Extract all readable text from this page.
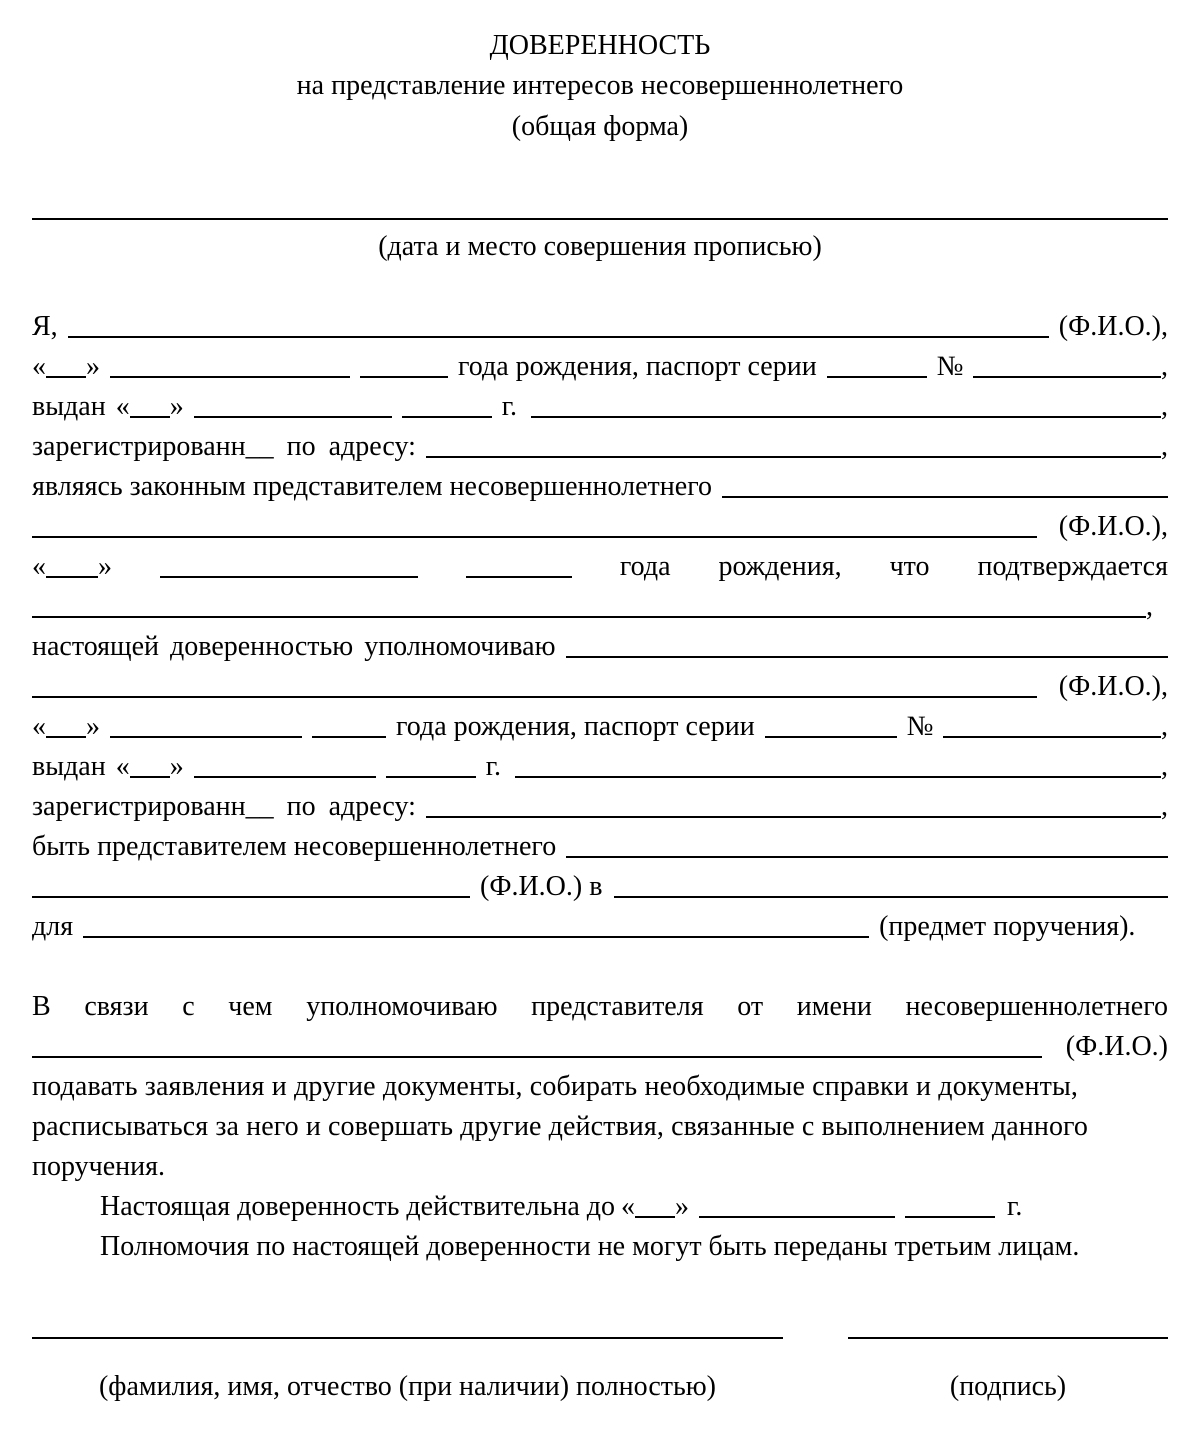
ДОВЕРЕННОСТЬ
на представление интересов несовершеннолетнего
(общая форма)
(дата и место совершения прописью)
Я,	(Ф.И.О.),
« »	года рождения, паспорт серии	№	,
выдан « »	г.	,
зарегистрированн__ по адресу:	,
являясь законным представителем несовершеннолетнего
(Ф.И.О.),
« »	года рождения, что подтверждается
,
настоящей доверенностью уполномочиваю
(Ф.И.О.),
« »	года рождения, паспорт серии	№	,
выдан « »	г.	,
зарегистрированн__ по адресу:	,
быть представителем несовершеннолетнего
(Ф.И.О.) в
для	(предмет поручения).
В связи с чем уполномочиваю представителя от имени несовершеннолетнего
(Ф.И.О.)
подавать заявления и другие документы, собирать необходимые справки и документы,
расписываться за него и совершать другие действия, связанные с выполнением данного
поручения.
Настоящая доверенность действительна до « »	г.
Полномочия по настоящей доверенности не могут быть переданы третьим лицам.
(фамилия, имя, отчество (при наличии) полностью)	(подпись)
